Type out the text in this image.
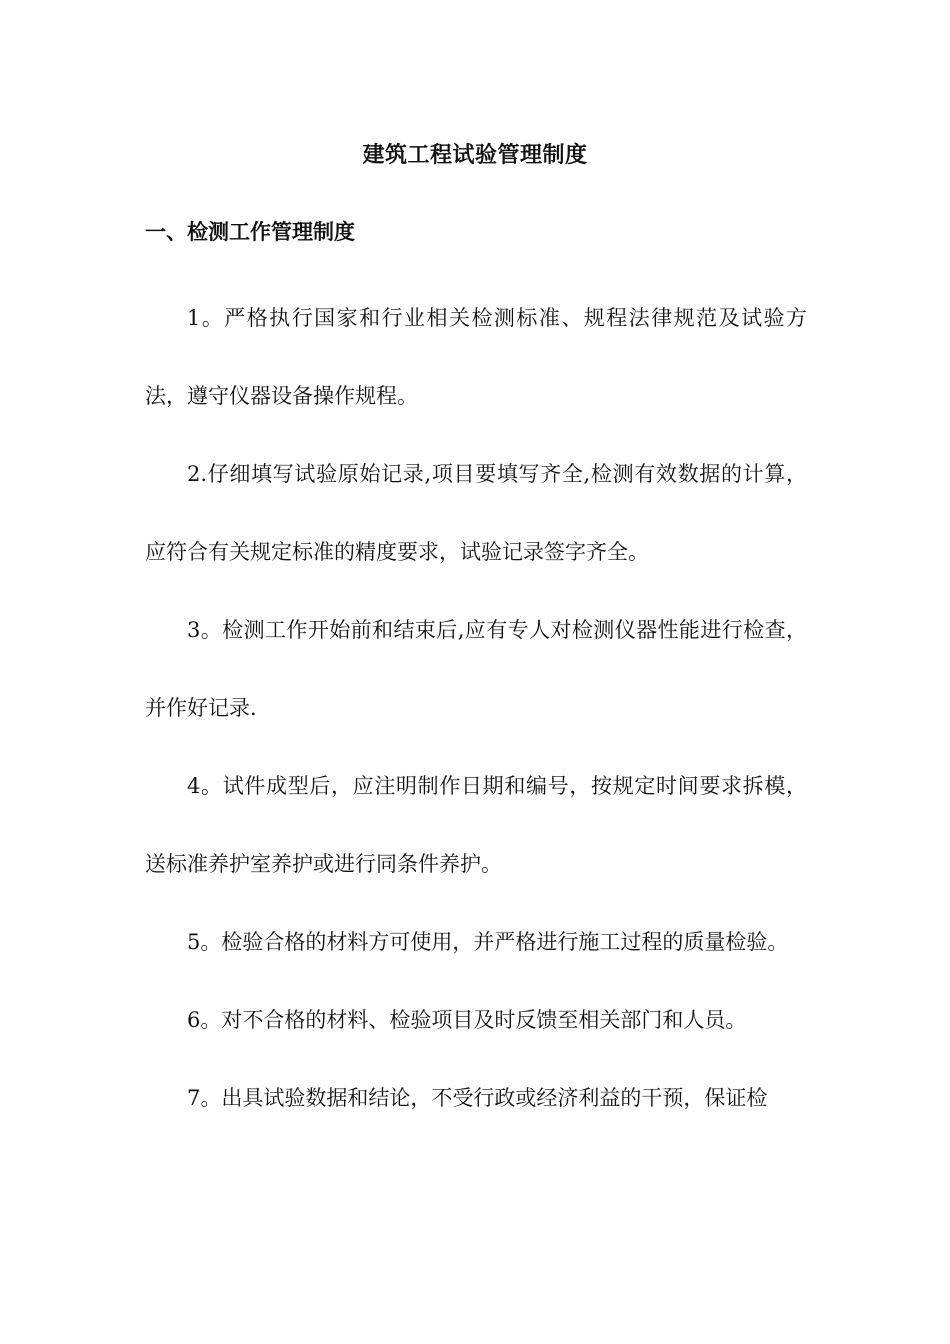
建筑工程试验管理制度
一、检测工作管理制度

1。严格执行国家和行业相关检测标准、规程法律规范及试验方法，遵守仪器设备操作规程。

2.仔细填写试验原始记录,项目要填写齐全,检测有效数据的计算，应符合有关规定标准的精度要求，试验记录签字齐全。

3。检测工作开始前和结束后,应有专人对检测仪器性能进行检查，并作好记录.

4。试件成型后，应注明制作日期和编号，按规定时间要求拆模，送标准养护室养护或进行同条件养护。

5。检验合格的材料方可使用，并严格进行施工过程的质量检验。

6。对不合格的材料、检验项目及时反馈至相关部门和人员。

7。出具试验数据和结论，不受行政或经济利益的干预，保证检
